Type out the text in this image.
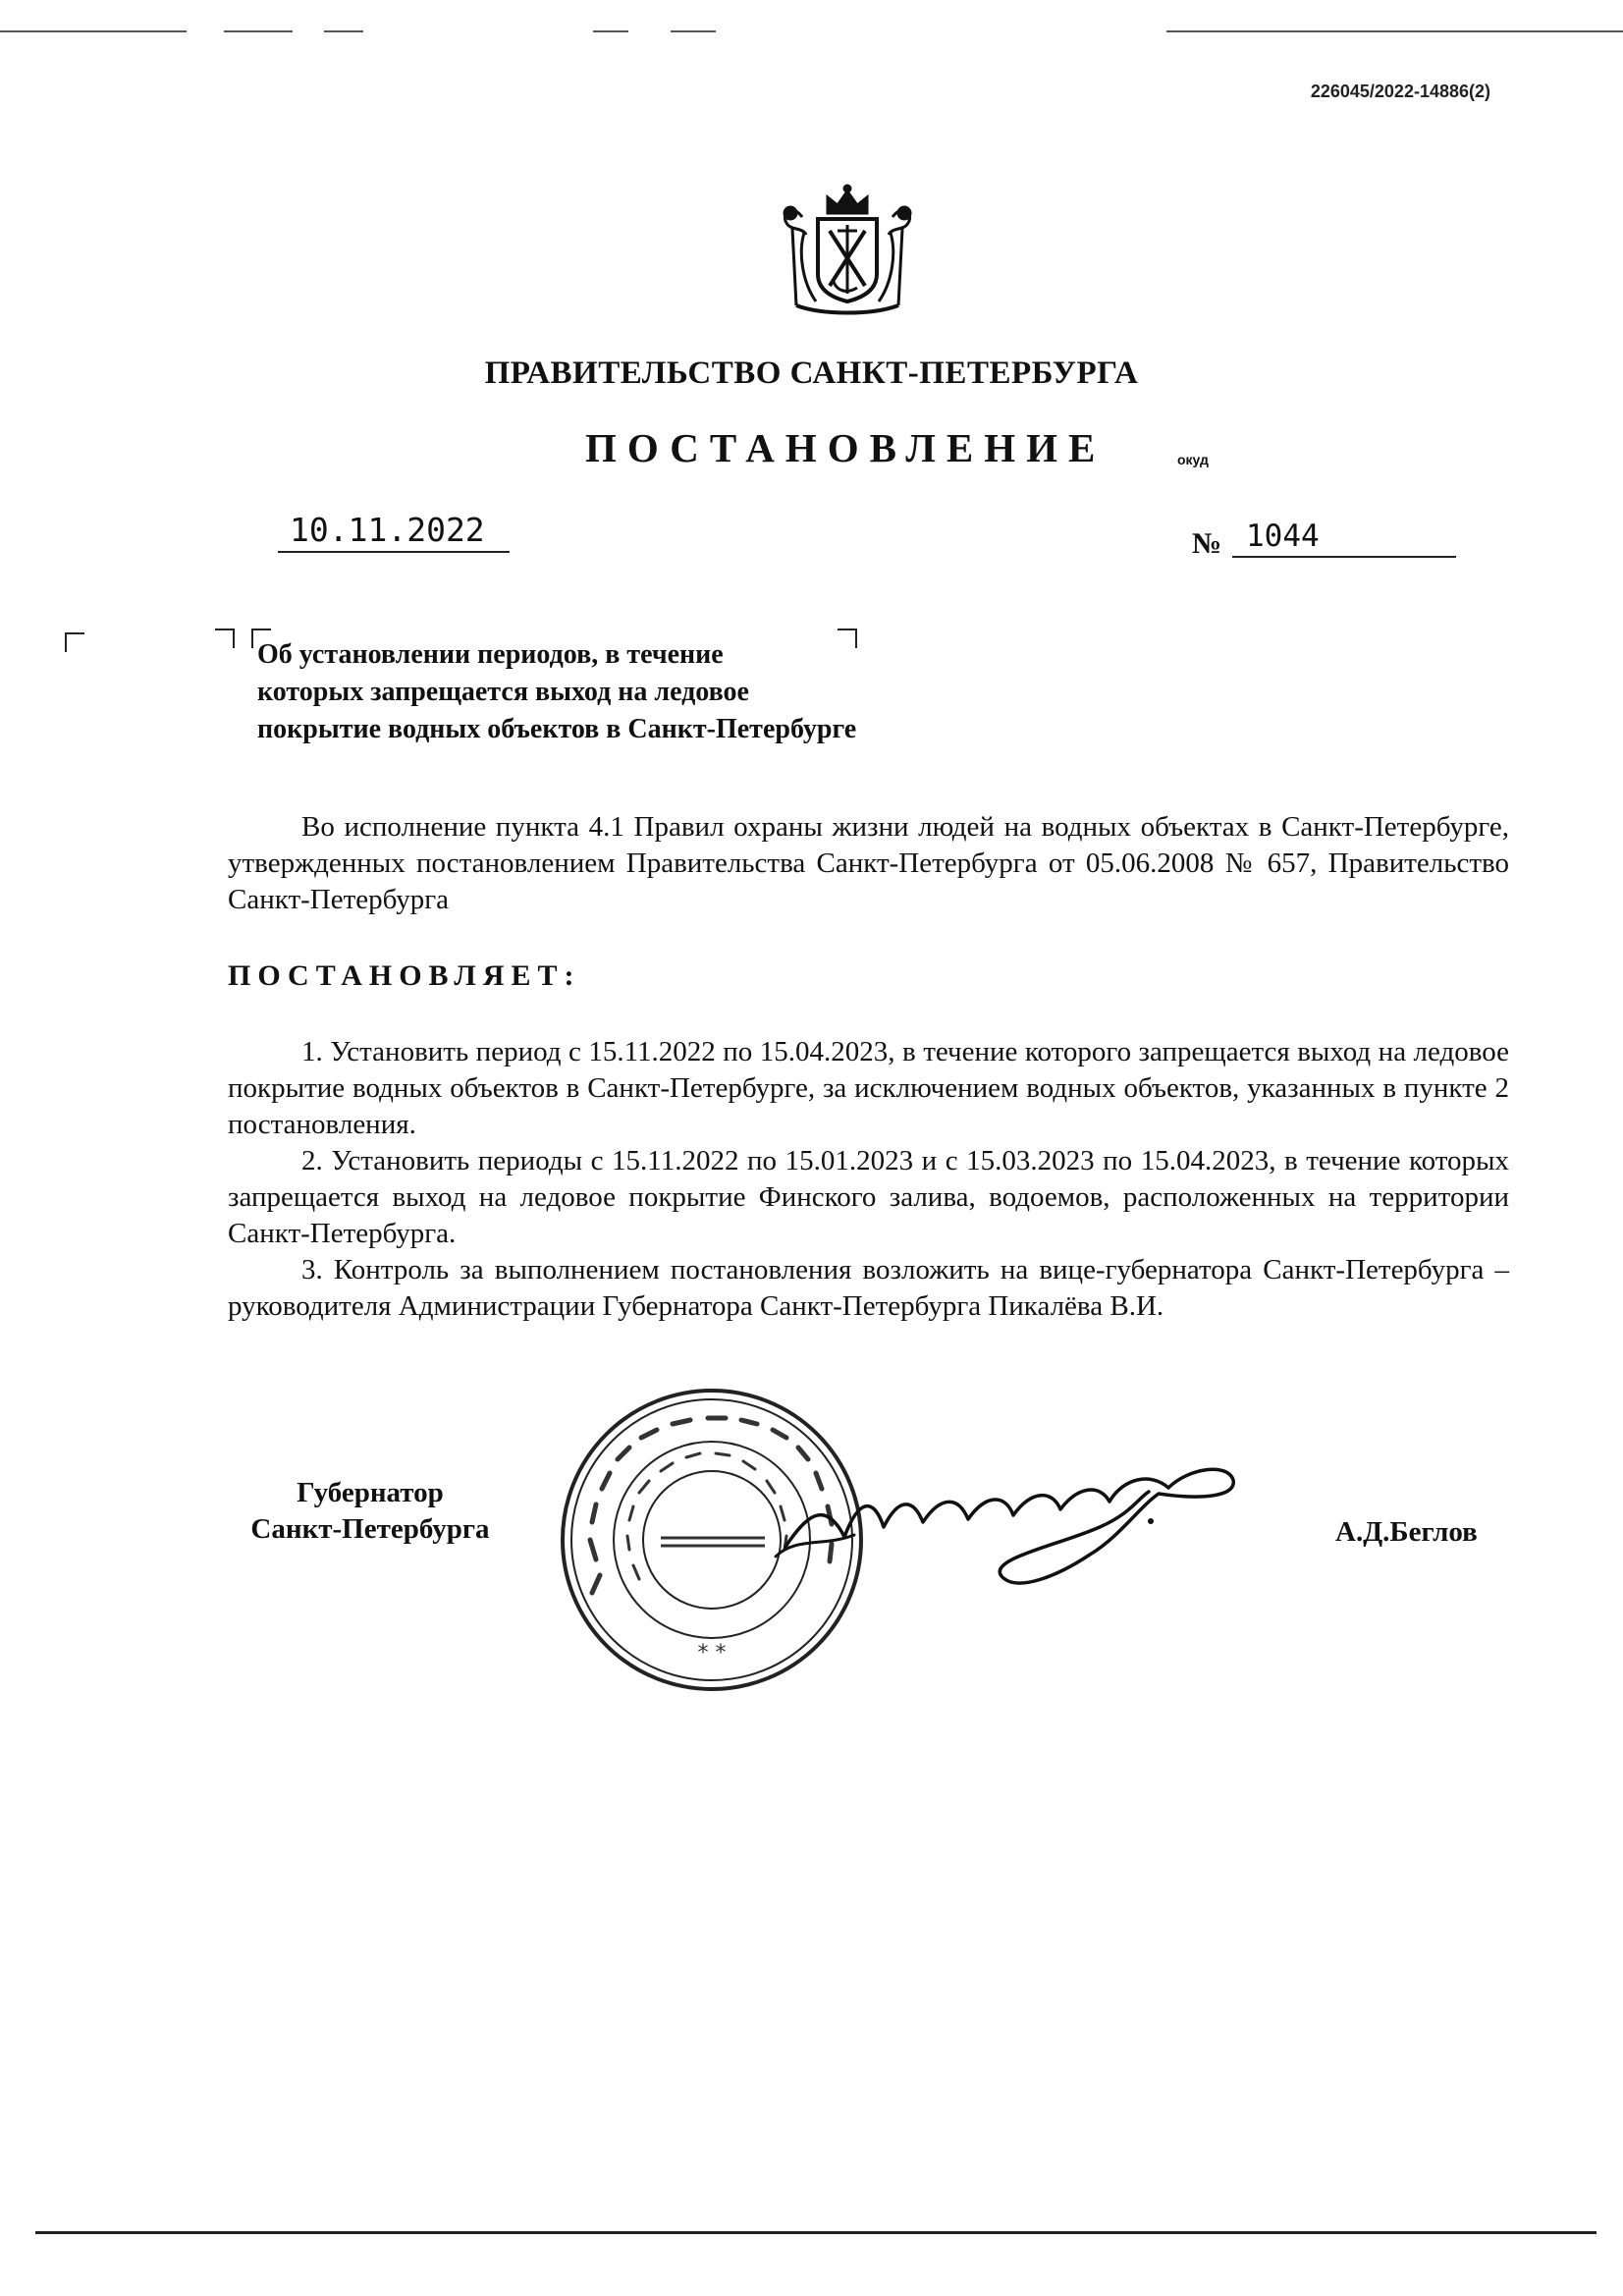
226045/2022-14886(2)
ПРАВИТЕЛЬСТВО САНКТ-ПЕТЕРБУРГА
ПОСТАНОВЛЕНИЕ	окуд
10.11.2022	№ 1044
Об установлении периодов, в течение
которых запрещается выход на ледовое
покрытие водных объектов в Санкт-Петербурге
Во исполнение пункта 4.1 Правил охраны жизни людей на водных объектах в Санкт-Петербурге, утвержденных постановлением Правительства Санкт-Петербурга от 05.06.2008 № 657, Правительство Санкт-Петербурга
ПОСТАНОВЛЯЕТ:

1. Установить период с 15.11.2022 по 15.04.2023, в течение которого запрещается выход на ледовое покрытие водных объектов в Санкт-Петербурге, за исключением водных объектов, указанных в пункте 2 постановления.

2. Установить периоды с 15.11.2022 по 15.01.2023 и с 15.03.2023 по 15.04.2023, в течение которых запрещается выход на ледовое покрытие Финского залива, водоемов, расположенных на территории Санкт-Петербурга.

3. Контроль за выполнением постановления возложить на вице-губернатора Санкт-Петербурга – руководителя Администрации Губернатора Санкт-Петербурга Пикалёва В.И.

Губернатор
Санкт-Петербурга	А.Д.Беглов
* *
